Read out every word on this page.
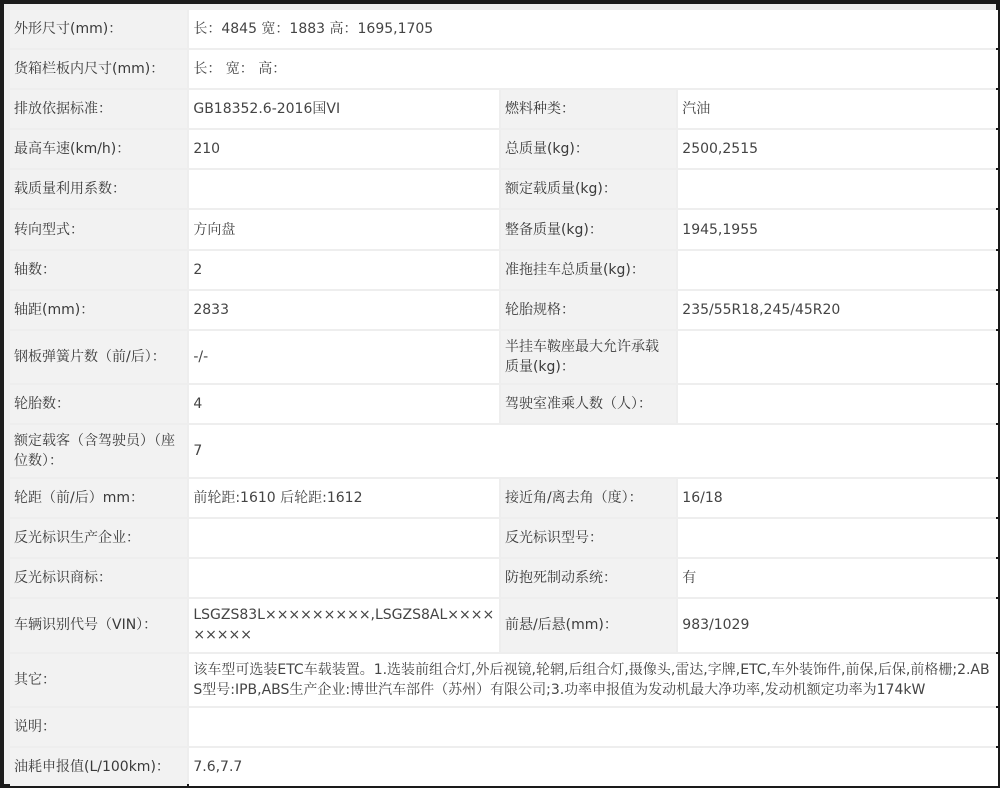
外形尺寸(mm)：	长：4845 宽：1883 高：1695,1705		
货箱栏板内尺寸(mm)：	长： 宽： 高：		
排放依据标准：	GB18352.6-2016国VI	燃料种类：	汽油
最高车速(km/h)：	210	总质量(kg)：	2500,2515
载质量利用系数：		额定载质量(kg)：	
转向型式：	方向盘	整备质量(kg)：	1945,1955
轴数：	2	准拖挂车总质量(kg)：	
轴距(mm)：	2833	轮胎规格：	235/55R18,245/45R20
钢板弹簧片数（前/后）：	-/-	半挂车鞍座最大允许承载质量(kg)：	
轮胎数：	4	驾驶室准乘人数（人）：	
额定载客（含驾驶员）（座位数）：	7		
轮距（前/后）mm：	前轮距:1610 后轮距:1612	接近角/离去角（度）：	16/18
反光标识生产企业：		反光标识型号：	
反光标识商标：		防抱死制动系统：	有
车辆识别代号（VIN）：	LSGZS83L×××××××××,LSGZS8AL×××××××××	前悬/后悬(mm)：	983/1029
其它：	该车型可选装ETC车载装置。1.选装前组合灯,外后视镜,轮辋,后组合灯,摄像头,雷达,字牌,ETC,车外装饰件,前保,后保,前格栅;2.ABS型号:IPB,ABS生产企业:博世汽车部件（苏州）有限公司;3.功率申报值为发动机最大净功率,发动机额定功率为174kW		
说明：			
油耗申报值(L/100km)：	7.6,7.7		
